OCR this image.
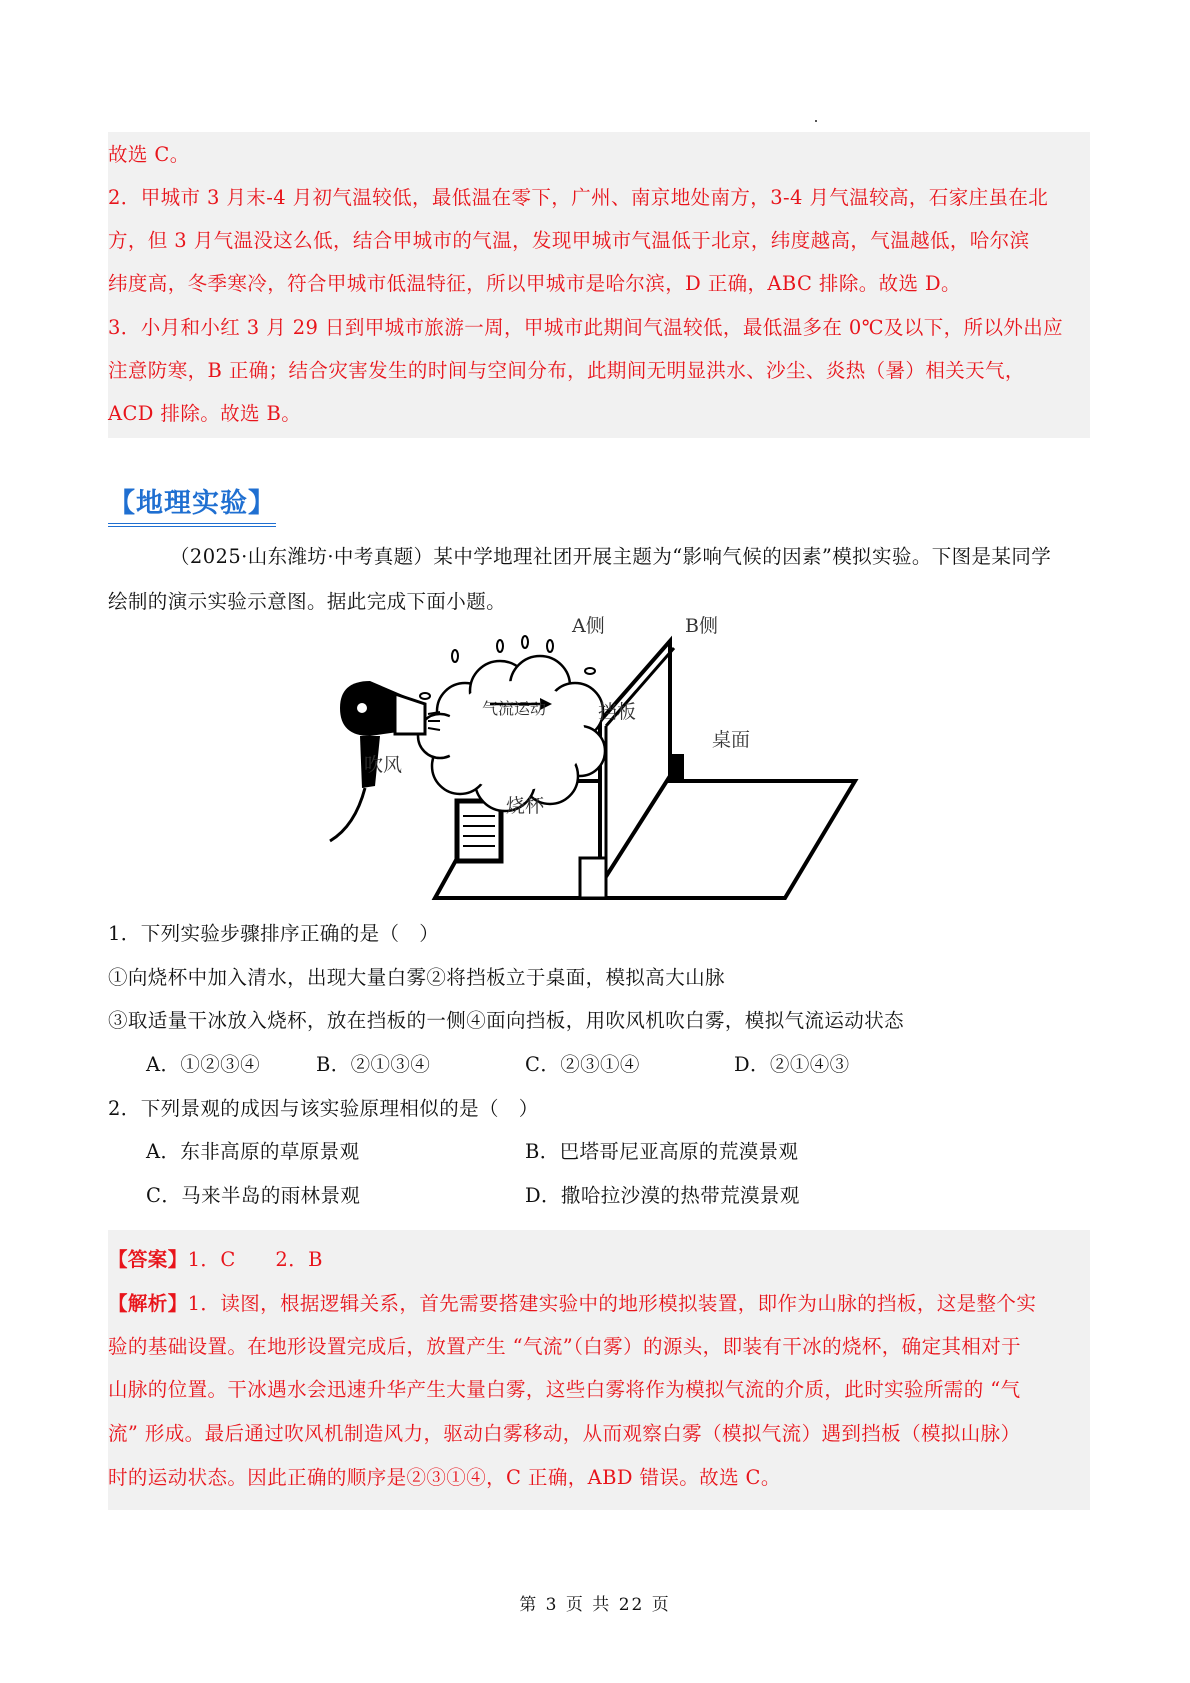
故选 C。
2．甲城市 3 月末-4 月初气温较低，最低温在零下，广州、南京地处南方，3-4 月气温较高，石家庄虽在北
方，但 3 月气温没这么低，结合甲城市的气温，发现甲城市气温低于北京，纬度越高，气温越低，哈尔滨
纬度高，冬季寒冷，符合甲城市低温特征，所以甲城市是哈尔滨，D 正确，ABC 排除。故选 D。
3．小月和小红 3 月 29 日到甲城市旅游一周，甲城市此期间气温较低，最低温多在 0℃及以下，所以外出应
注意防寒，B 正确；结合灾害发生的时间与空间分布，此期间无明显洪水、沙尘、炎热（暑）相关天气，
ACD 排除。故选 B。
【地理实验】
（2025·山东潍坊·中考真题）某中学地理社团开展主题为“影响气候的因素”模拟实验。下图是某同学
绘制的演示实验示意图。据此完成下面小题。
A侧	B侧
气流运动	挡板
桌面
吹风
烧杯
1．下列实验步骤排序正确的是（　）
①向烧杯中加入清水，出现大量白雾②将挡板立于桌面，模拟高大山脉
③取适量干冰放入烧杯，放在挡板的一侧④面向挡板，用吹风机吹白雾，模拟气流运动状态
A．①②③④	B．②①③④	C．②③①④	D．②①④③
2．下列景观的成因与该实验原理相似的是（　）
A．东非高原的草原景观	B．巴塔哥尼亚高原的荒漠景观
C．马来半岛的雨林景观	D．撒哈拉沙漠的热带荒漠景观
【答案】1．C　　2．B
【解析】1．读图，根据逻辑关系，首先需要搭建实验中的地形模拟装置，即作为山脉的挡板，这是整个实
验的基础设置。在地形设置完成后，放置产生 “气流”（白雾）的源头，即装有干冰的烧杯，确定其相对于
山脉的位置。干冰遇水会迅速升华产生大量白雾，这些白雾将作为模拟气流的介质，此时实验所需的 “气
流” 形成。最后通过吹风机制造风力，驱动白雾移动，从而观察白雾（模拟气流）遇到挡板（模拟山脉）
时的运动状态。因此正确的顺序是②③①④，C 正确，ABD 错误。故选 C。
第 3 页 共 22 页
